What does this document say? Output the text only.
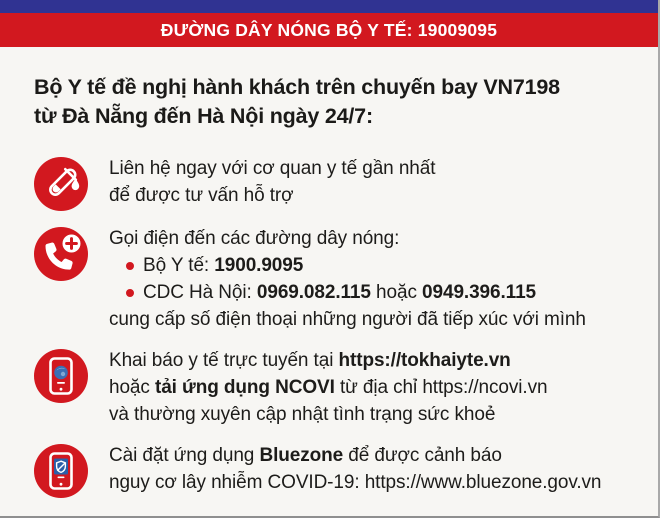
ĐƯỜNG DÂY NÓNG BỘ Y TẾ: 19009095
Bộ Y tế đề nghị hành khách trên chuyến bay VN7198
từ Đà Nẵng đến Hà Nội ngày 24/7:
Liên hệ ngay với cơ quan y tế gần nhất
để được tư vấn hỗ trợ
Gọi điện đến các đường dây nóng:
Bộ Y tế: 1900.9095
CDC Hà Nội: 0969.082.115 hoặc 0949.396.115
cung cấp số điện thoại những người đã tiếp xúc với mình
Khai báo y tế trực tuyến tại https://tokhaiyte.vn
hoặc tải ứng dụng NCOVI từ địa chỉ https://ncovi.vn
và thường xuyên cập nhật tình trạng sức khoẻ
Cài đặt ứng dụng Bluezone để được cảnh báo
nguy cơ lây nhiễm COVID-19: https://www.bluezone.gov.vn
